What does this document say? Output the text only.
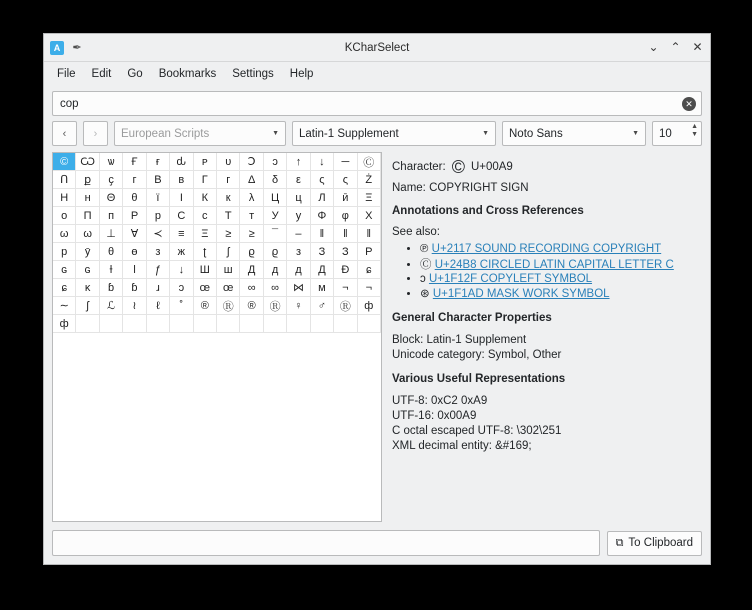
A	✒	KCharSelect	⌄ ⌃ ✕
File	Edit	Go	Bookmarks	Settings	Help
cop
✕
‹	›	European Scripts	▼ Latin-1 Supplement	▼ Noto Sans	▼ 10
▲
▼
©	Ѡ	ѡ	Ғ	ғ	ԃ	ᴘ	ᴜ	Ↄ	ↄ	↑	↓	─	Ⓒ
Ո	ք	ҫ	г	В	в	Г	г	Δ	δ	ε	ς	ς	Ż
Н	н	Θ	θ	ї	І	К	к	λ	Ц	ц	Л	ӣ	Ξ
о	П	п	Р	р	С	с	Т	т	У	у	Φ	φ	Χ
ω	ω	⊥	∀	≺	≡	Ξ	≥	≥	¯	–	‖	‖	‖
р	ӯ	θ	ө	з	ж	ʈ	ʃ	ϱ	ϱ	з	З	З	Р
ɢ	ɢ	Ɨ	ǀ	ƒ	↓	Ш	ш	Д	д	д	Д	Ð	ɕ
ɕ	ĸ	ɓ	ɓ	ɹ	ɔ	œ	œ	∞	∞	⋈	м	¬	¬
∼	ʃ	ℒ	≀	ℓ	˚	®	Ⓡ	®	Ⓡ	♀	♂	Ⓡ	ф
ф
Character: © U+00A9
Name: COPYRIGHT SIGN
Annotations and Cross References
See also:
• ℗ U+2117 SOUND RECORDING COPYRIGHT
• Ⓒ U+24B8 CIRCLED LATIN CAPITAL LETTER C
• ↄ U+1F12F COPYLEFT SYMBOL
• ⊛ U+1F1AD MASK WORK SYMBOL
General Character Properties
Block: Latin-1 Supplement
Unicode category: Symbol, Other
Various Useful Representations
UTF-8: 0xC2 0xA9
UTF-16: 0x00A9
C octal escaped UTF-8: \302\251
XML decimal entity: &#169;
⧉ To Clipboard
